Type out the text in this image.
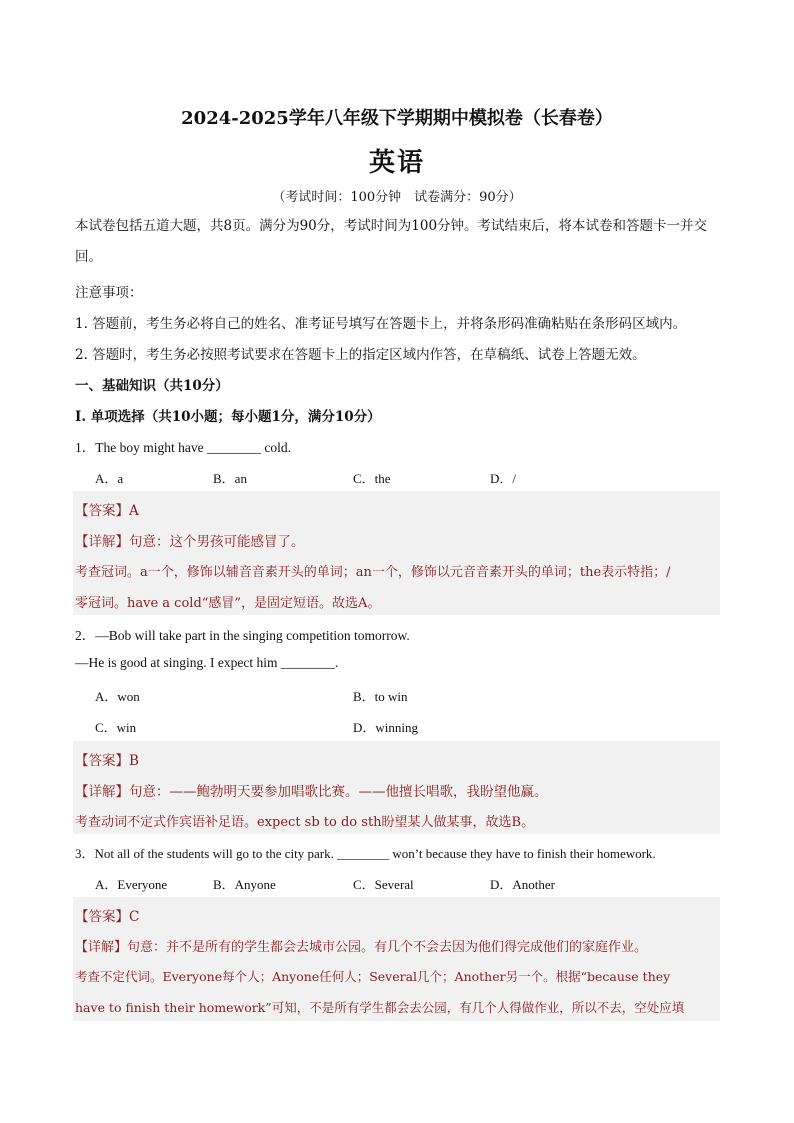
2024-2025学年八年级下学期期中模拟卷（长春卷）
英语
（考试时间：100分钟　试卷满分：90分）
本试卷包括五道大题，共8页。满分为90分，考试时间为100分钟。考试结束后，将本试卷和答题卡一并交回。
注意事项：
1. 答题前，考生务必将自己的姓名、准考证号填写在答题卡上，并将条形码准确粘贴在条形码区域内。
2. 答题时，考生务必按照考试要求在答题卡上的指定区域内作答，在草稿纸、试卷上答题无效。
一、基础知识（共10分）
Ⅰ. 单项选择（共10小题；每小题1分，满分10分）
1．The boy might have ________ cold.
A．a	B．an	C．the	D．/
【答案】A
【详解】句意：这个男孩可能感冒了。
考查冠词。a一个，修饰以辅音音素开头的单词；an一个，修饰以元音音素开头的单词；the表示特指；/
零冠词。have a cold“感冒”，是固定短语。故选A。
2．—Bob will take part in the singing competition tomorrow.
—He is good at singing. I expect him ________.
A．won	B．to win
C．win	D．winning
【答案】B
【详解】句意：——鲍勃明天要参加唱歌比赛。——他擅长唱歌，我盼望他赢。
考查动词不定式作宾语补足语。expect sb to do sth盼望某人做某事，故选B。
3．Not all of the students will go to the city park. ________ won’t because they have to finish their homework.
A．Everyone	B．Anyone	C．Several	D．Another
【答案】C
【详解】句意：并不是所有的学生都会去城市公园。有几个不会去因为他们得完成他们的家庭作业。
考查不定代词。Everyone每个人；Anyone任何人；Several几个；Another另一个。根据“because they
have to finish their homework”可知，不是所有学生都会去公园，有几个人得做作业，所以不去，空处应填
